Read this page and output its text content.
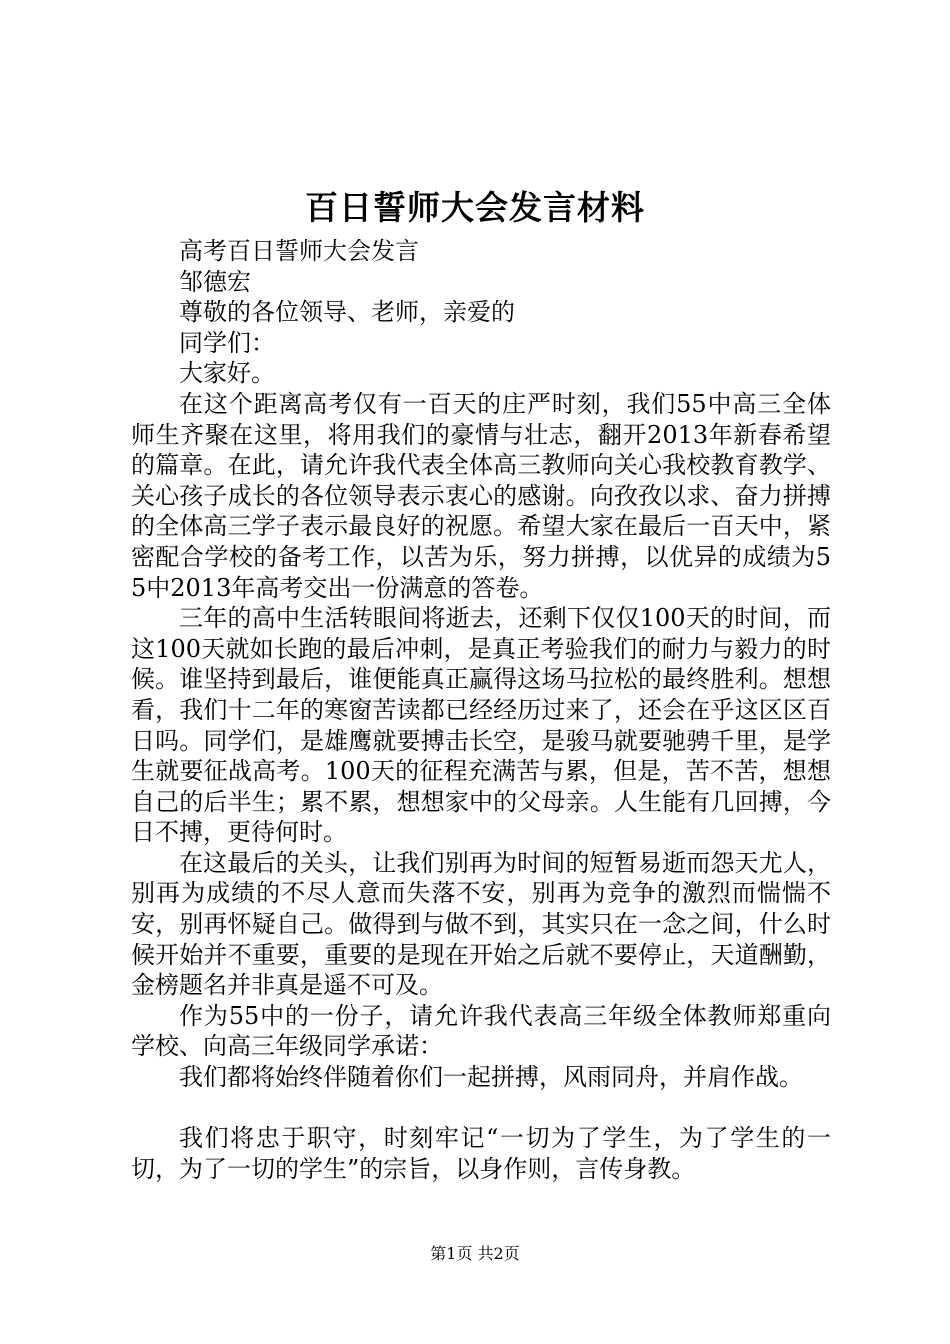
百日誓师大会发言材料

高考百日誓师大会发言

邹德宏

尊敬的各位领导、老师，亲爱的

同学们：

大家好。

在这个距离高考仅有一百天的庄严时刻，我们55中高三全体师生齐聚在这里，将用我们的豪情与壮志，翻开2013年新春希望的篇章。在此，请允许我代表全体高三教师向关心我校教育教学、关心孩子成长的各位领导表示衷心的感谢。向孜孜以求、奋力拼搏的全体高三学子表示最良好的祝愿。希望大家在最后一百天中，紧密配合学校的备考工作，以苦为乐，努力拼搏，以优异的成绩为55中2013年高考交出一份满意的答卷。

三年的高中生活转眼间将逝去，还剩下仅仅100天的时间，而这100天就如长跑的最后冲刺，是真正考验我们的耐力与毅力的时候。谁坚持到最后，谁便能真正赢得这场马拉松的最终胜利。想想看，我们十二年的寒窗苦读都已经经历过来了，还会在乎这区区百日吗。同学们，是雄鹰就要搏击长空，是骏马就要驰骋千里，是学生就要征战高考。100天的征程充满苦与累，但是，苦不苦，想想自己的后半生；累不累，想想家中的父母亲。人生能有几回搏，今日不搏，更待何时。

在这最后的关头，让我们别再为时间的短暂易逝而怨天尤人，别再为成绩的不尽人意而失落不安，别再为竞争的激烈而惴惴不安，别再怀疑自己。做得到与做不到，其实只在一念之间，什么时候开始并不重要，重要的是现在开始之后就不要停止，天道酬勤，金榜题名并非真是遥不可及。

作为55中的一份子，请允许我代表高三年级全体教师郑重向学校、向高三年级同学承诺：

我们都将始终伴随着你们一起拼搏，风雨同舟，并肩作战。

我们将忠于职守，时刻牢记“一切为了学生，为了学生的一切，为了一切的学生”的宗旨，以身作则，言传身教。

第1页 共2页
